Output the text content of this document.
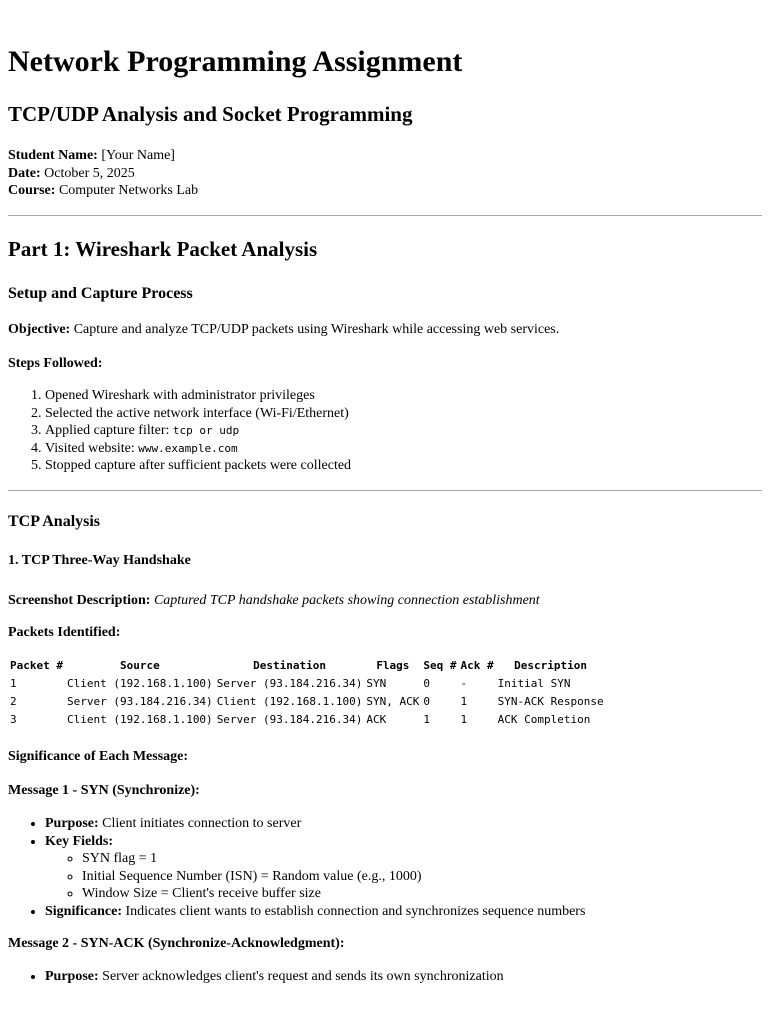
Network Programming Assignment
TCP/UDP Analysis and Socket Programming
Student Name: [Your Name]
Date: October 5, 2025
Course: Computer Networks Lab
Part 1: Wireshark Packet Analysis
Setup and Capture Process

Objective: Capture and analyze TCP/UDP packets using Wireshark while accessing web services.

Steps Followed:
1. Opened Wireshark with administrator privileges
2. Selected the active network interface (Wi-Fi/Ethernet)
3. Applied capture filter: tcp or udp
4. Visited website: www.example.com
5. Stopped capture after sufficient packets were collected
TCP Analysis
1. TCP Three-Way Handshake

Screenshot Description: Captured TCP handshake packets showing connection establishment

Packets Identified:
Packet #	Source	Destination	Flags	Seq #	Ack #	Description
1	Client (192.168.1.100)	Server (93.184.216.34)	SYN	0	-	Initial SYN
2	Server (93.184.216.34)	Client (192.168.1.100)	SYN, ACK	0	1	SYN-ACK Response
3	Client (192.168.1.100)	Server (93.184.216.34)	ACK	1	1	ACK Completion
Significance of Each Message:
Message 1 - SYN (Synchronize):
• Purpose: Client initiates connection to server
• Key Fields:
◦ SYN flag = 1
◦ Initial Sequence Number (ISN) = Random value (e.g., 1000)
◦ Window Size = Client's receive buffer size
• Significance: Indicates client wants to establish connection and synchronizes sequence numbers
Message 2 - SYN-ACK (Synchronize-Acknowledgment):
• Purpose: Server acknowledges client's request and sends its own synchronization
